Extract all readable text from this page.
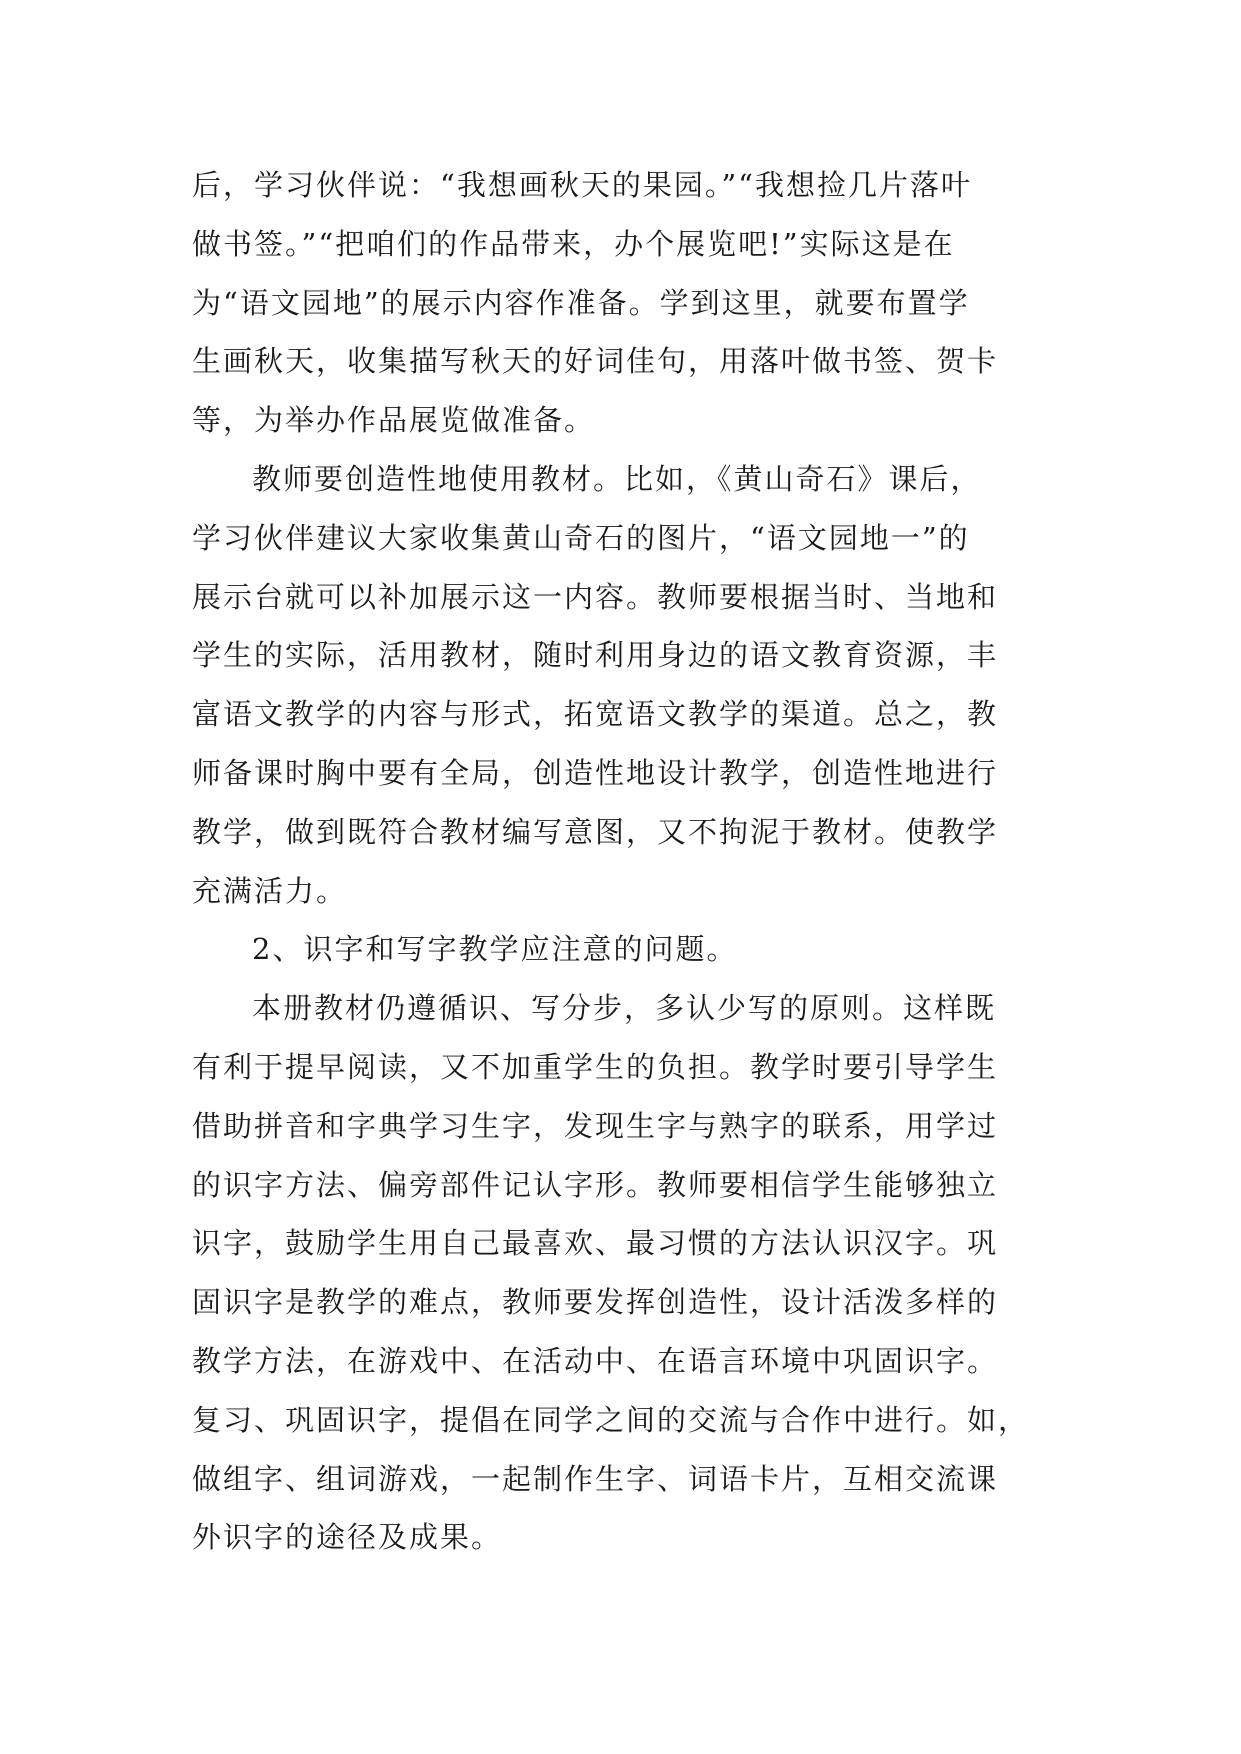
后，学习伙伴说：“我想画秋天的果园。”“我想捡几片落叶
做书签。”“把咱们的作品带来，办个展览吧!”实际这是在
为“语文园地”的展示内容作准备。学到这里，就要布置学
生画秋天，收集描写秋天的好词佳句，用落叶做书签、贺卡
等，为举办作品展览做准备。
教师要创造性地使用教材。比如，《黄山奇石》课后，
学习伙伴建议大家收集黄山奇石的图片，“语文园地一”的
展示台就可以补加展示这一内容。教师要根据当时、当地和
学生的实际，活用教材，随时利用身边的语文教育资源，丰
富语文教学的内容与形式，拓宽语文教学的渠道。总之，教
师备课时胸中要有全局，创造性地设计教学，创造性地进行
教学，做到既符合教材编写意图，又不拘泥于教材。使教学
充满活力。
2、识字和写字教学应注意的问题。
本册教材仍遵循识、写分步，多认少写的原则。这样既
有利于提早阅读，又不加重学生的负担。教学时要引导学生
借助拼音和字典学习生字，发现生字与熟字的联系，用学过
的识字方法、偏旁部件记认字形。教师要相信学生能够独立
识字，鼓励学生用自己最喜欢、最习惯的方法认识汉字。巩
固识字是教学的难点，教师要发挥创造性，设计活泼多样的
教学方法，在游戏中、在活动中、在语言环境中巩固识字。
复习、巩固识字，提倡在同学之间的交流与合作中进行。如，
做组字、组词游戏，一起制作生字、词语卡片，互相交流课
外识字的途径及成果。
